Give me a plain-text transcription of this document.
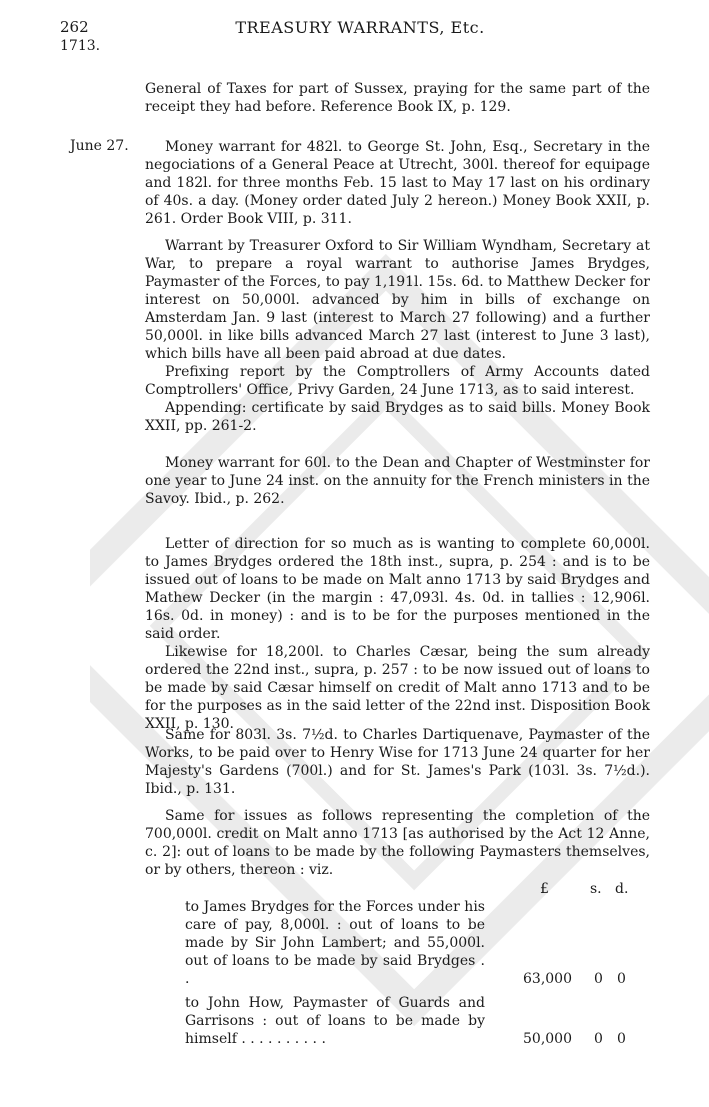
262	TREASURY WARRANTS, Etc.
1713.

General of Taxes for part of Sussex, praying for the same part of the receipt they had before. Reference Book IX, p. 129.

June 27.	Money warrant for 482l. to George St. John, Esq., Secretary in the negociations of a General Peace at Utrecht, 300l. thereof for equipage and 182l. for three months Feb. 15 last to May 17 last on his ordinary of 40s. a day. (Money order dated July 2 hereon.) Money Book XXII, p. 261. Order Book VIII, p. 311.

Warrant by Treasurer Oxford to Sir William Wyndham, Secretary at War, to prepare a royal warrant to authorise James Brydges, Paymaster of the Forces, to pay 1,191l. 15s. 6d. to Matthew Decker for interest on 50,000l. advanced by him in bills of exchange on Amsterdam Jan. 9 last (interest to March 27 following) and a further 50,000l. in like bills advanced March 27 last (interest to June 3 last), which bills have all been paid abroad at due dates.

Prefixing report by the Comptrollers of Army Accounts dated Comptrollers' Office, Privy Garden, 24 June 1713, as to said interest.

Appending: certificate by said Brydges as to said bills. Money Book XXII, pp. 261-2.

Money warrant for 60l. to the Dean and Chapter of Westminster for one year to June 24 inst. on the annuity for the French ministers in the Savoy. Ibid., p. 262.

Letter of direction for so much as is wanting to complete 60,000l. to James Brydges ordered the 18th inst., supra, p. 254 : and is to be issued out of loans to be made on Malt anno 1713 by said Brydges and Mathew Decker (in the margin : 47,093l. 4s. 0d. in tallies : 12,906l. 16s. 0d. in money) : and is to be for the purposes mentioned in the said order.

Likewise for 18,200l. to Charles Cæsar, being the sum already ordered the 22nd inst., supra, p. 257 : to be now issued out of loans to be made by said Cæsar himself on credit of Malt anno 1713 and to be for the purposes as in the said letter of the 22nd inst. Disposition Book XXII, p. 130.

Same for 803l. 3s. 7½d. to Charles Dartiquenave, Paymaster of the Works, to be paid over to Henry Wise for 1713 June 24 quarter for her Majesty's Gardens (700l.) and for St. James's Park (103l. 3s. 7½d.). Ibid., p. 131.

Same for issues as follows representing the completion of the 700,000l. credit on Malt anno 1713 [as authorised by the Act 12 Anne, c. 2]: out of loans to be made by the following Paymasters themselves, or by others, thereon : viz.

£	s. d.
to James Brydges for the Forces under his care of pay, 8,000l. : out of loans to be made by Sir John Lambert; and 55,000l. out of loans to be made by said Brydges . .	63,000 0 0
to John How, Paymaster of Guards and Garrisons : out of loans to be made by himself . . . . . . . . . .	50,000 0 0
